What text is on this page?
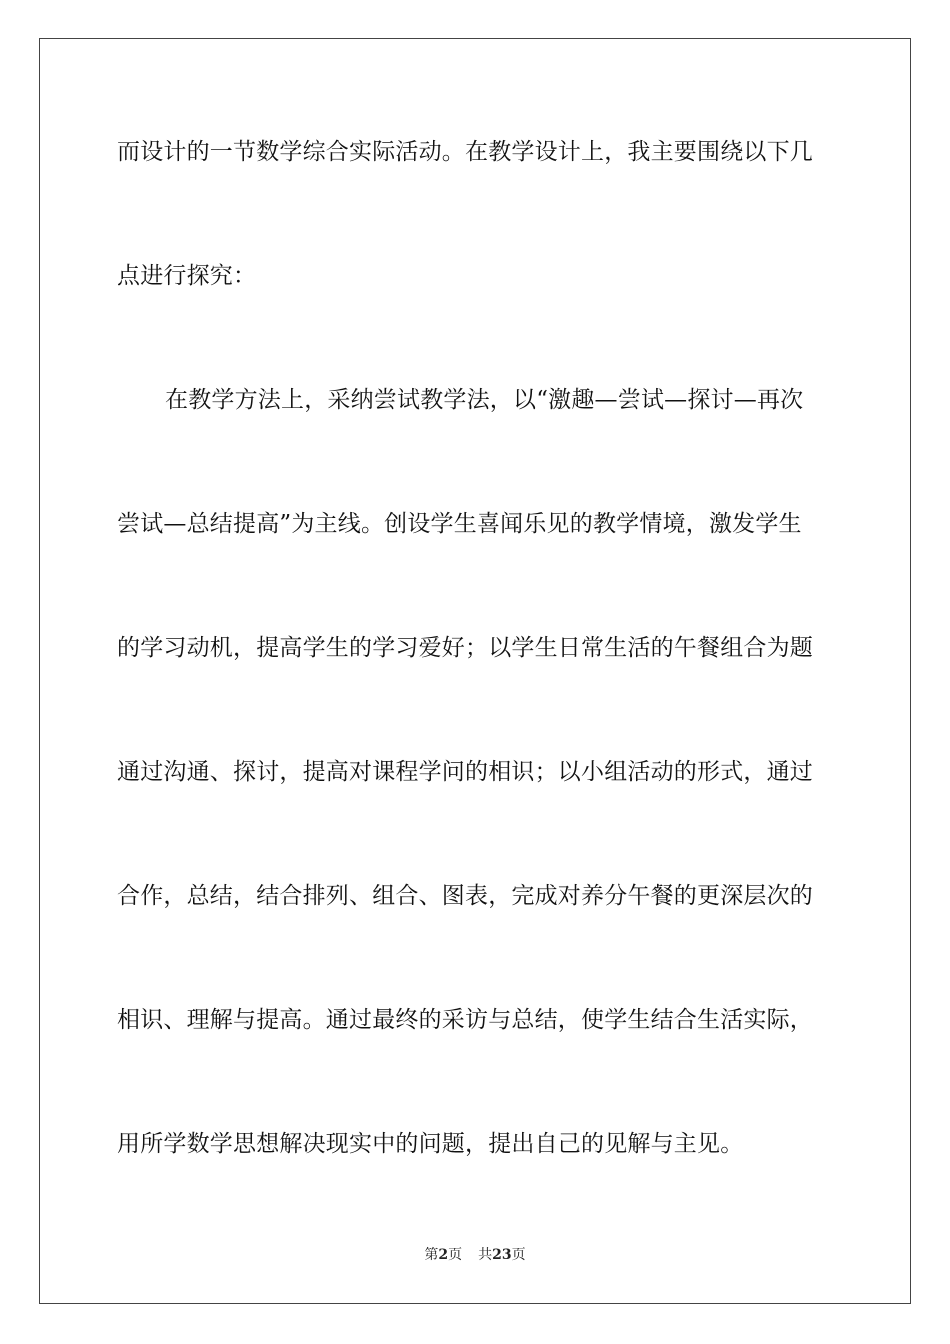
而设计的一节数学综合实际活动。在教学设计上，我主要围绕以下几
点进行探究：
在教学方法上，采纳尝试教学法，以“激趣—尝试—探讨—再次
尝试—总结提高”为主线。创设学生喜闻乐见的教学情境，激发学生
的学习动机，提高学生的学习爱好；以学生日常生活的午餐组合为题
通过沟通、探讨，提高对课程学问的相识；以小组活动的形式，通过
合作，总结，结合排列、组合、图表，完成对养分午餐的更深层次的
相识、理解与提高。通过最终的采访与总结，使学生结合生活实际，
用所学数学思想解决现实中的问题，提出自己的见解与主见。
第2页 共23页
